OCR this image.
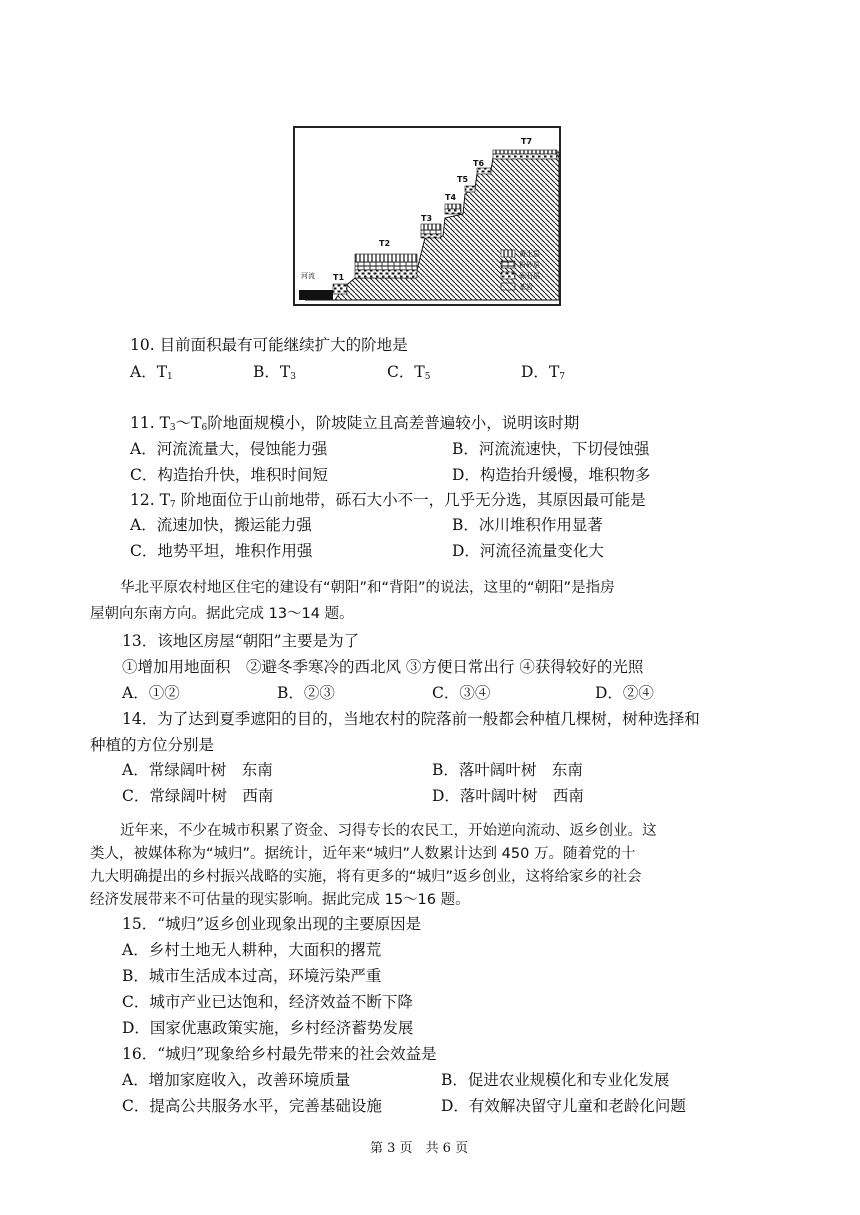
河流 T1
T2
T3
T4
T5
T6
T7
黄土层
粉砂层
砾石层
基岩
10. 目前面积最有可能继续扩大的阶地是
A．$T_1$	B．$T_3$	C．$T_5$	D．$T_7$
11. $T_3\sim T_6$阶地面规模小，阶坡陡立且高差普遍较小，说明该时期
A．河流流量大，侵蚀能力强	B．河流流速快，下切侵蚀强
C．构造抬升快，堆积时间短	D．构造抬升缓慢，堆积物多
12. $T_7$ 阶地面位于山前地带，砾石大小不一，几乎无分选，其原因最可能是
A．流速加快，搬运能力强	B．冰川堆积作用显著
C．地势平坦，堆积作用强	D．河流径流量变化大
华北平原农村地区住宅的建设有“朝阳”和“背阳”的说法，这里的“朝阳”是指房
屋朝向东南方向。据此完成 13～14 题。
13．该地区房屋“朝阳”主要是为了
①增加用地面积　②避冬季寒冷的西北风 ③方便日常出行 ④获得较好的光照
A．①②	B．②③	C．③④	D．②④
14．为了达到夏季遮阳的目的，当地农村的院落前一般都会种植几棵树，树种选择和
种植的方位分别是
A．常绿阔叶树　东南	B．落叶阔叶树　东南
C．常绿阔叶树　西南	D．落叶阔叶树　西南
近年来，不少在城市积累了资金、习得专长的农民工，开始逆向流动、返乡创业。这
类人，被媒体称为“城归”。据统计，近年来“城归”人数累计达到 450 万。随着党的十
九大明确提出的乡村振兴战略的实施，将有更多的“城归”返乡创业，这将给家乡的社会
经济发展带来不可估量的现实影响。据此完成 15～16 题。
15．“城归”返乡创业现象出现的主要原因是
A．乡村土地无人耕种，大面积的撂荒
B．城市生活成本过高，环境污染严重
C．城市产业已达饱和，经济效益不断下降
D．国家优惠政策实施，乡村经济蓄势发展
16．“城归”现象给乡村最先带来的社会效益是
A．增加家庭收入，改善环境质量	B．促进农业规模化和专业化发展
C．提高公共服务水平，完善基础设施	D．有效解决留守儿童和老龄化问题
第 3 页　共 6 页
